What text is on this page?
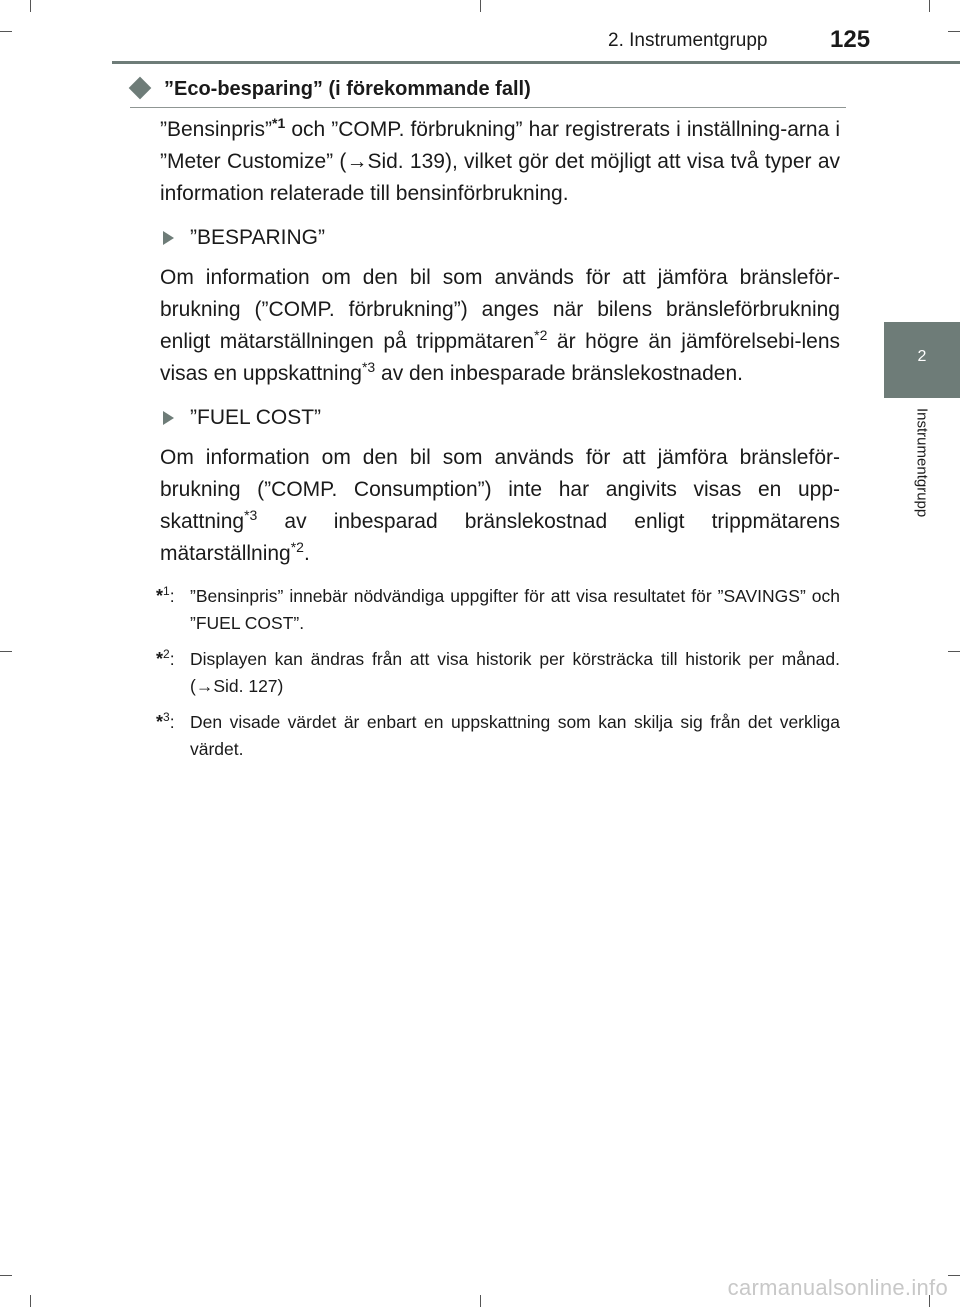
2. Instrumentgrupp	125
2
Instrumentgrupp
”Eco-besparing” (i förekommande fall)

”Bensinpris”$^{*1}$ och ”COMP. förbrukning” har registrerats i inställning-arna i ”Meter Customize” (→Sid. 139), vilket gör det möjligt att visa två typer av information relaterade till bensinförbrukning.

”BESPARING”

Om information om den bil som används för att jämföra bränsleför-brukning (”COMP. förbrukning”) anges när bilens bränsleförbrukning enligt mätarställningen på trippmätaren$^{*2}$ är högre än jämförelsebi-lens visas en uppskattning$^{*3}$ av den inbesparade bränslekostnaden.

”FUEL COST”

Om information om den bil som används för att jämföra bränsleför-brukning (”COMP. Consumption”) inte har angivits visas en upp-skattning$^{*3}$ av inbesparad bränslekostnad enligt trippmätarens mätarställning$^{*2}$.

*$^1$: ”Bensinpris” innebär nödvändiga uppgifter för att visa resultatet för ”SAVINGS” och ”FUEL COST”.
*$^2$: Displayen kan ändras från att visa historik per körsträcka till historik per månad. (→Sid. 127)
*$^3$: Den visade värdet är enbart en uppskattning som kan skilja sig från det verkliga värdet.
carmanualsonline.info
